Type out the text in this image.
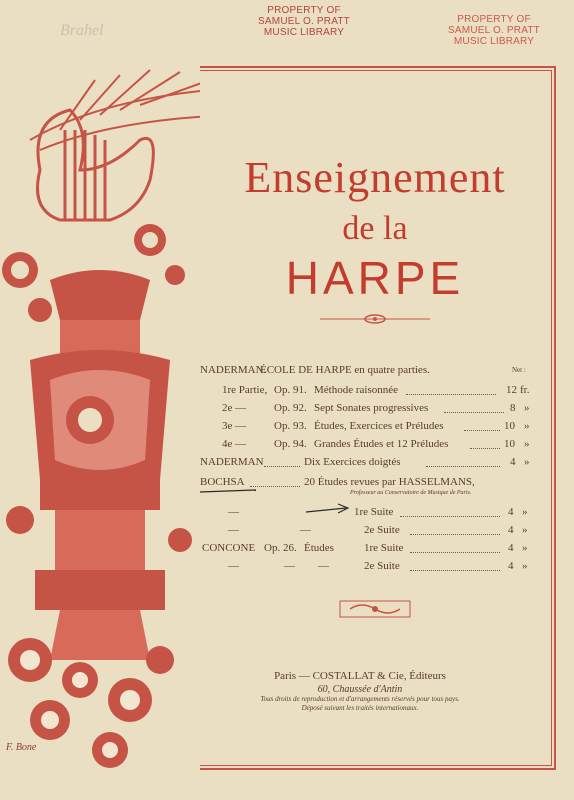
Brahel
PROPERTY OF
SAMUEL O. PRATT
MUSIC LIBRARY
PROPERTY OF
SAMUEL O. PRATT
MUSIC LIBRARY
F. Bone
Enseignement
de la
HARPE
NADERMAN.
ÉCOLE DE HARPE en quatre parties.	Net :
1re Partie, Op. 91. Méthode raisonnée	12 fr.
2e —	Op. 92. Sept Sonates progressives	8 »
3e —	Op. 93. Études, Exercices et Préludes	10 »
4e —	Op. 94. Grandes Études et 12 Préludes	10 »
NADERMAN	Dix Exercices doigtés	4 »
BOCHSA	20 Études revues par HASSELMANS,
Professeur au Conservatoire de Musique de Paris.
—	1re Suite	4 »
—	—	2e Suite	4 »
CONCONE Op. 26. Études	1re Suite	4 »
—	— —	2e Suite	4 »
Paris — COSTALLAT & Cie, Éditeurs
60, Chaussée d'Antin
Tous droits de reproduction et d'arrangements réservés pour tous pays.
Déposé suivant les traités internationaux.
